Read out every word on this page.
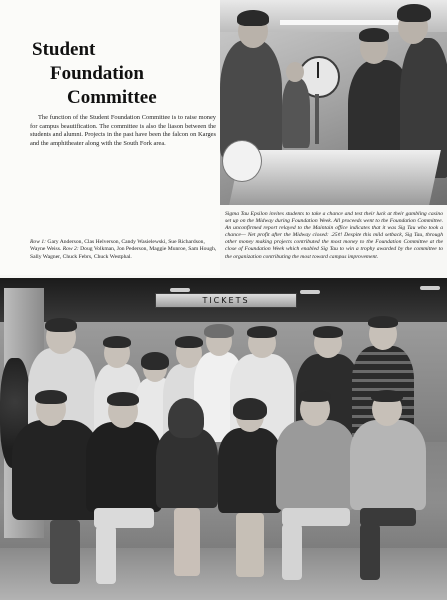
Student
Foundation
Committee
The function of the Student Foundation Committee is to raise money for campus beautification. The committee is also the liason between the students and alumni. Projects in the past have been the falcon on Karges and the amphitheater along with the South Fork area.
Sigma Tau Epsilon invites students to take a chance and test their luck at their gambling casino set up on the Midway during Foundation Week. All proceeds went to the Foundation Committee. An unconfirmed report relayed to the Maintain office indicates that it was Sig Tau who took a chance— Net profit after the Midway closed: .25¢! Despite this mild setback, Sig Tau, through other money making projects contributed the most money to the Foundation Committee at the close of Foundation Week which enabled Sig Tau to win a trophy awarded by the committee to the organization contributing the most toward campus improvement.
Row 1: Gary Anderson, Clas Helverson, Candy Wasielewski, Sue Richardson, Wayne Weiss. Row 2: Doug Volkman, Jon Pederson, Maggie Munroe, Sam Hough, Sally Wagner, Chuck Febrs, Chuck Westphal.
TICKETS
